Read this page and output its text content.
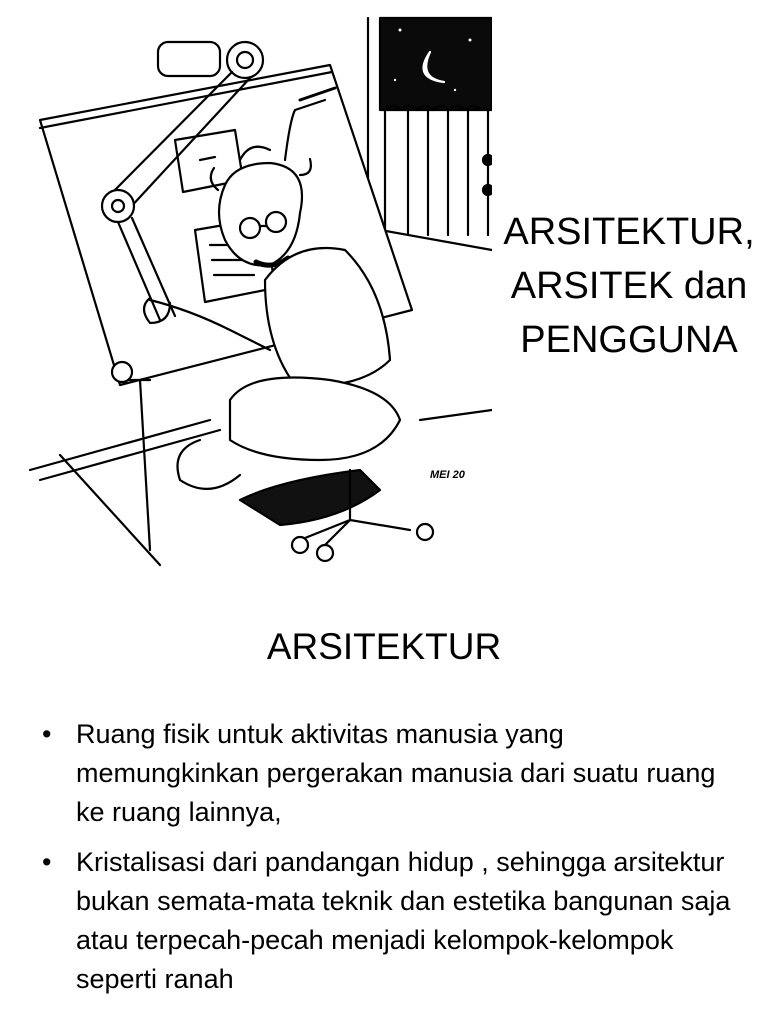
MEI 20
ARSITEKTUR,
ARSITEK dan
PENGGUNA
ARSITEKTUR
• Ruang fisik untuk aktivitas manusia yang memungkinkan pergerakan manusia dari suatu ruang ke ruang lainnya,
• Kristalisasi dari pandangan hidup , sehingga arsitektur bukan semata-mata teknik dan estetika bangunan saja atau terpecah-pecah menjadi kelompok-kelompok seperti ranah
